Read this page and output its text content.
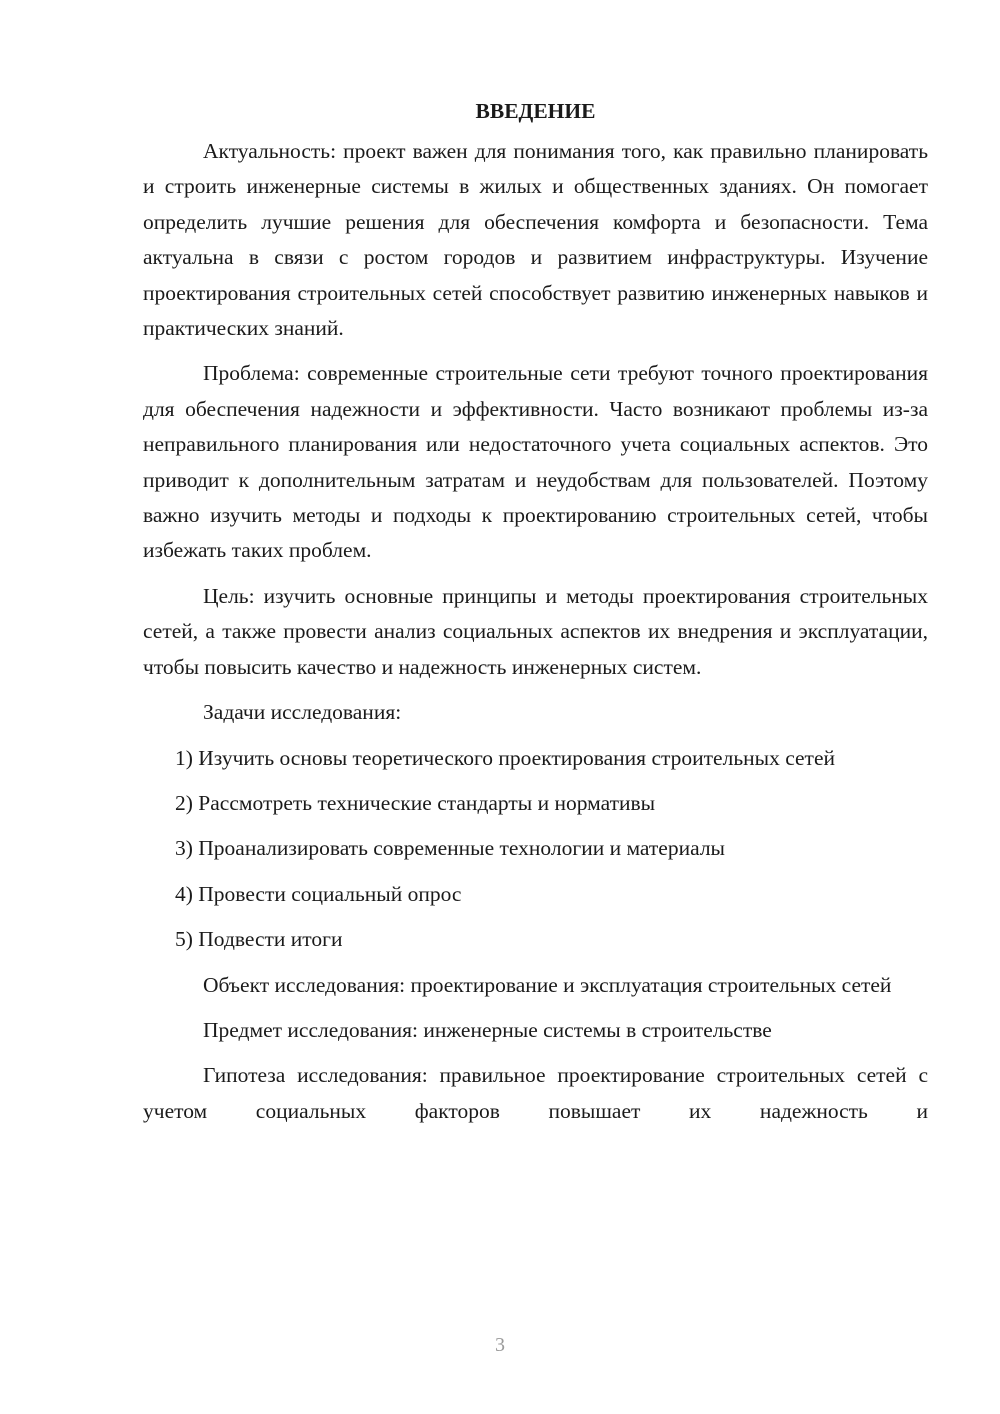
ВВЕДЕНИЕ

Актуальность: проект важен для понимания того, как правильно планировать и строить инженерные системы в жилых и общественных зданиях. Он помогает определить лучшие решения для обеспечения комфорта и безопасности. Тема актуальна в связи с ростом городов и развитием инфраструктуры. Изучение проектирования строительных сетей способствует развитию инженерных навыков и практических знаний.

Проблема: современные строительные сети требуют точного проектирования для обеспечения надежности и эффективности. Часто возникают проблемы из-за неправильного планирования или недостаточного учета социальных аспектов. Это приводит к дополнительным затратам и неудобствам для пользователей. Поэтому важно изучить методы и подходы к проектированию строительных сетей, чтобы избежать таких проблем.

Цель: изучить основные принципы и методы проектирования строительных сетей, а также провести анализ социальных аспектов их внедрения и эксплуатации, чтобы повысить качество и надежность инженерных систем.

Задачи исследования:

1) Изучить основы теоретического проектирования строительных сетей

2) Рассмотреть технические стандарты и нормативы

3) Проанализировать современные технологии и материалы

4) Провести социальный опрос

5) Подвести итоги

Объект исследования: проектирование и эксплуатация строительных сетей

Предмет исследования: инженерные системы в строительстве

Гипотеза исследования: правильное проектирование строительных сетей с учетом социальных факторов повышает их надежность и

3
